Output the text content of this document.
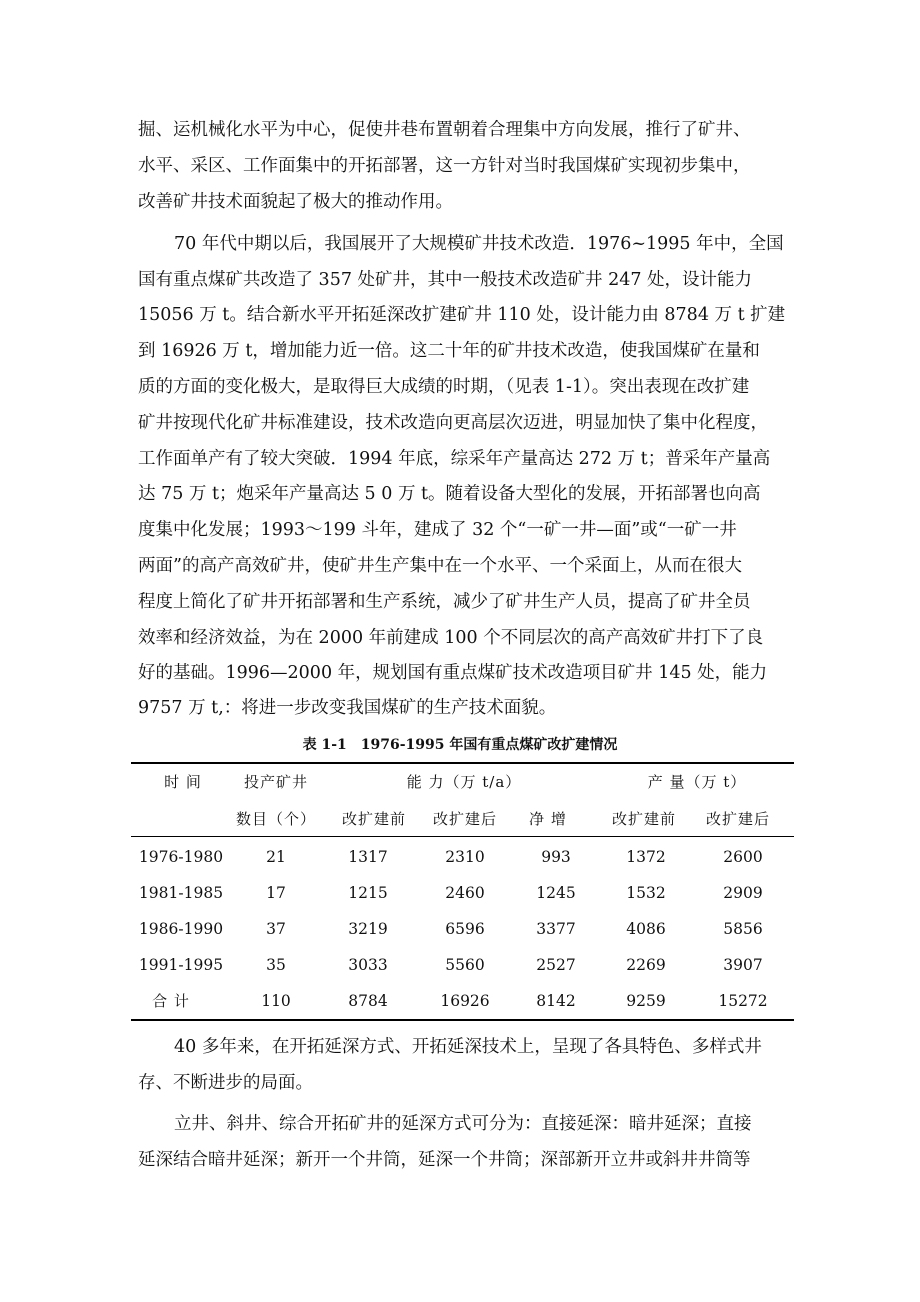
掘、运机械化水平为中心，促使井巷布置朝着合理集中方向发展，推行了矿井、
水平、采区、工作面集中的开拓部署，这一方针对当时我国煤矿实现初步集中，
改善矿井技术面貌起了极大的推动作用。
70 年代中期以后，我国展开了大规模矿井技术改造．1976~1995 年中，全国
国有重点煤矿共改造了 357 处矿井，其中一般技术改造矿井 247 处，设计能力
15056 万 t。结合新水平开拓延深改扩建矿井 110 处，设计能力由 8784 万 t 扩建
到 16926 万 t，增加能力近一倍。这二十年的矿井技术改造，使我国煤矿在量和
质的方面的变化极大，是取得巨大成绩的时期，（见表 1-1）。突出表现在改扩建
矿井按现代化矿井标准建设，技术改造向更高层次迈进，明显加快了集中化程度，
工作面单产有了较大突破．1994 年底，综采年产量高达 272 万 t；普采年产量高
达 75 万 t；炮采年产量高达 5 0 万 t。随着设备大型化的发展，开拓部署也向高
度集中化发展；1993～199 斗年，建成了 32 个“一矿一井—面”或“一矿一井
两面”的高产高效矿井，使矿井生产集中在一个水平、一个采面上，从而在很大
程度上简化了矿井开拓部署和生产系统，减少了矿井生产人员，提高了矿井全员
效率和经济效益，为在 2000 年前建成 100 个不同层次的高产高效矿井打下了良
好的基础。1996—2000 年，规划国有重点煤矿技术改造项目矿井 145 处，能力
9757 万 t,：将进一步改变我国煤矿的生产技术面貌。
表 1-1　1976-1995 年国有重点煤矿改扩建情况
时 间	投产矿井	能 力（万 t/a）	产 量（万 t）
数目（个）	改扩建前	改扩建后	净 增	改扩建前	改扩建后
1976-1980	21	1317	2310	993	1372	2600
1981-1985	17	1215	2460	1245	1532	2909
1986-1990	37	3219	6596	3377	4086	5856
1991-1995	35	3033	5560	2527	2269	3907
合 计	110	8784	16926	8142	9259	15272
40 多年来，在开拓延深方式、开拓延深技术上，呈现了各具特色、多样式井
存、不断进步的局面。
立井、斜井、综合开拓矿井的延深方式可分为：直接延深：暗井延深；直接
延深结合暗井延深；新开一个井筒，延深一个井筒；深部新开立井或斜井井筒等
